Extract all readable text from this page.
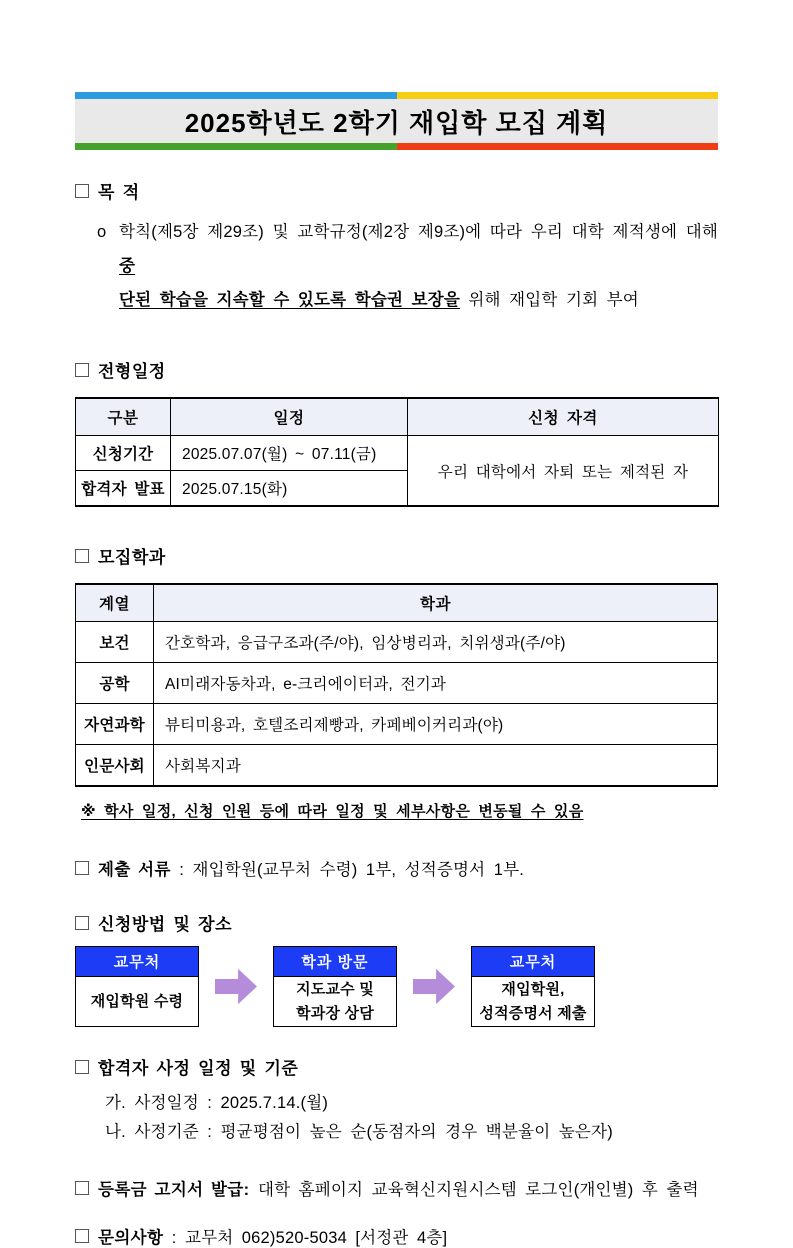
2025학년도 2학기 재입학 모집 계획
목 적
o 학칙(제5장 제29조) 및 교학규정(제2장 제9조)에 따라 우리 대학 제적생에 대해 중
단된 학습을 지속할 수 있도록 학습권 보장을 위해 재입학 기회 부여
전형일정
구분	일정	신청 자격
신청기간	2025.07.07(월) ~ 07.11(금)	우리 대학에서 자퇴 또는 제적된 자
합격자 발표	2025.07.15(화)	
모집학과
계열	학과
보건	간호학과, 응급구조과(주/야), 임상병리과, 치위생과(주/야)
공학	AI미래자동차과, e-크리에이터과, 전기과
자연과학	뷰티미용과, 호텔조리제빵과, 카페베이커리과(야)
인문사회	사회복지과
※ 학사 일정, 신청 인원 등에 따라 일정 및 세부사항은 변동될 수 있음
제출 서류 : 재입학원(교무처 수령) 1부, 성적증명서 1부.
신청방법 및 장소
교무처
재입학원 수령
학과 방문
지도교수 및
학과장 상담
교무처
재입학원,
성적증명서 제출
합격자 사정 일정 및 기준
가. 사정일정 : 2025.7.14.(월)
나. 사정기준 : 평균평점이 높은 순(동점자의 경우 백분율이 높은자)
등록금 고지서 발급: 대학 홈페이지 교육혁신지원시스템 로그인(개인별) 후 출력
문의사항 : 교무처 062)520-5034 [서정관 4층]
